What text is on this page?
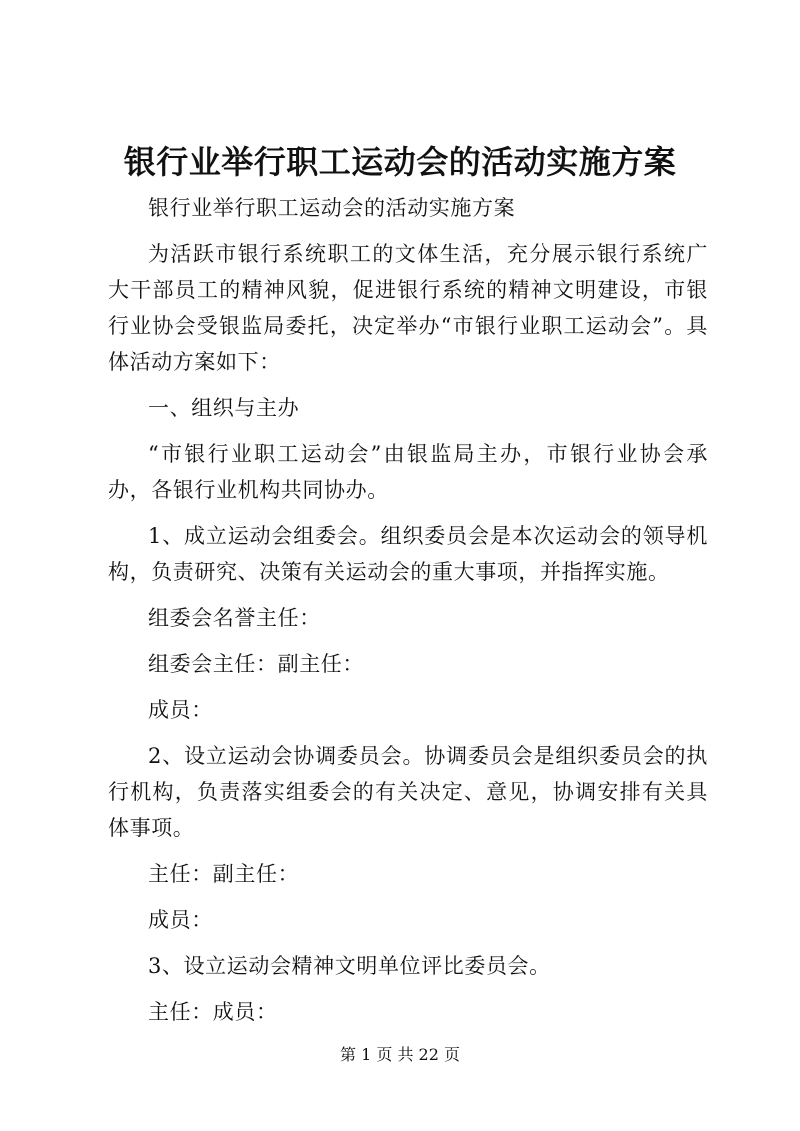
银行业举行职工运动会的活动实施方案

银行业举行职工运动会的活动实施方案

为活跃市银行系统职工的文体生活，充分展示银行系统广大干部员工的精神风貌，促进银行系统的精神文明建设，市银行业协会受银监局委托，决定举办“市银行业职工运动会”。具体活动方案如下：

一、组织与主办

“市银行业职工运动会”由银监局主办，市银行业协会承办，各银行业机构共同协办。

1、成立运动会组委会。组织委员会是本次运动会的领导机构，负责研究、决策有关运动会的重大事项，并指挥实施。

组委会名誉主任：

组委会主任：副主任：

成员：

2、设立运动会协调委员会。协调委员会是组织委员会的执行机构，负责落实组委会的有关决定、意见，协调安排有关具体事项。

主任：副主任：

成员：

3、设立运动会精神文明单位评比委员会。

主任：成员：

第 1 页 共 22 页
